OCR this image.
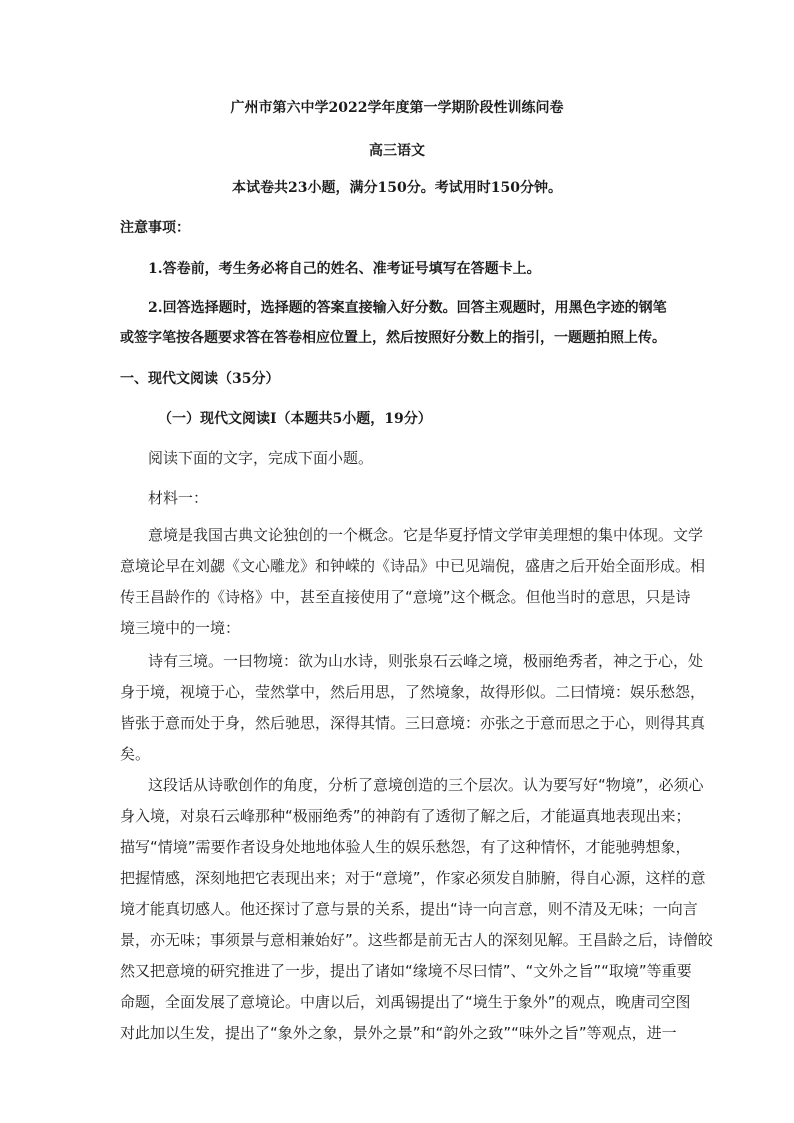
广州市第六中学2022学年度第一学期阶段性训练问卷
高三语文
本试卷共23小题，满分150分。考试用时150分钟。
注意事项：
1.答卷前，考生务必将自己的姓名、准考证号填写在答题卡上。
2.回答选择题时，选择题的答案直接输入好分数。回答主观题时，用黑色字迹的钢笔
或签字笔按各题要求答在答卷相应位置上，然后按照好分数上的指引，一题题拍照上传。
一、现代文阅读（35分）
（一）现代文阅读Ⅰ（本题共5小题，19分）
阅读下面的文字，完成下面小题。
材料一：
意境是我国古典文论独创的一个概念。它是华夏抒情文学审美理想的集中体现。文学
意境论早在刘勰《文心雕龙》和钟嵘的《诗品》中已见端倪，盛唐之后开始全面形成。相
传王昌龄作的《诗格》中，甚至直接使用了“意境”这个概念。但他当时的意思，只是诗
境三境中的一境：
诗有三境。一曰物境：欲为山水诗，则张泉石云峰之境，极丽绝秀者，神之于心，处
身于境，视境于心，莹然掌中，然后用思，了然境象，故得形似。二曰情境：娱乐愁怨，
皆张于意而处于身，然后驰思，深得其情。三曰意境：亦张之于意而思之于心，则得其真
矣。
这段话从诗歌创作的角度，分析了意境创造的三个层次。认为要写好“物境”，必须心
身入境，对泉石云峰那种“极丽绝秀”的神韵有了透彻了解之后，才能逼真地表现出来；
描写“情境”需要作者设身处地地体验人生的娱乐愁怨，有了这种情怀，才能驰骋想象，
把握情感，深刻地把它表现出来；对于“意境”，作家必须发自肺腑，得自心源，这样的意
境才能真切感人。他还探讨了意与景的关系，提出“诗一向言意，则不清及无味；一向言
景，亦无味；事须景与意相兼始好”。这些都是前无古人的深刻见解。王昌龄之后，诗僧皎
然又把意境的研究推进了一步，提出了诸如“缘境不尽曰情”、“文外之旨”“取境”等重要
命题，全面发展了意境论。中唐以后，刘禹锡提出了“境生于象外”的观点，晚唐司空图
对此加以生发，提出了“象外之象，景外之景”和“韵外之致”“味外之旨”等观点，进一
